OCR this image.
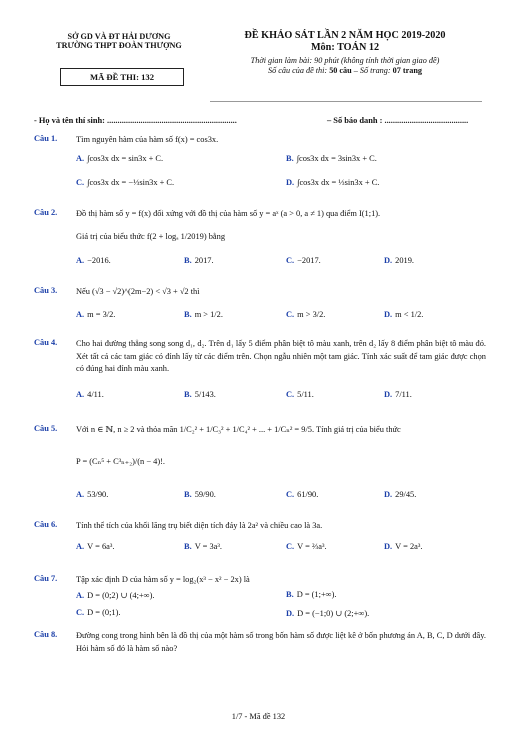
SỞ GD VÀ ĐT HẢI DƯƠNG
TRƯỜNG THPT ĐOÀN THƯỢNG
MÃ ĐỀ THI: 132
ĐỀ KHẢO SÁT LẦN 2 NĂM HỌC 2019-2020
Môn: TOÁN 12
Thời gian làm bài: 90 phút (không tính thời gian giao đề)
Số câu của đề thi: 50 câu – Số trang: 07 trang
- Họ và tên thí sinh: ..............................................................	– Số báo danh : ........................................
Câu 1. Tìm nguyên hàm của hàm số f(x) = cos3x.
A. ∫cos3x dx = sin3x + C.	B. ∫cos3x dx = 3sin3x + C.
C. ∫cos3x dx = −⅓sin3x + C.	D. ∫cos3x dx = ⅓sin3x + C.
Câu 2. Đồ thị hàm số y = f(x) đối xứng với đồ thị của hàm số y = aˣ (a > 0, a ≠ 1) qua điểm I(1;1).
Giá trị của biểu thức f(2 + logₐ 1/2019) bằng
A. −2016.	B. 2017.	C. −2017.	D. 2019.
Câu 3. Nếu (√3 − √2)^(2m−2) < √3 + √2 thì
A. m = 3/2.	B. m > 1/2.	C. m > 3/2.	D. m < 1/2.
Câu 4. Cho hai đường thẳng song song d₁, d₂. Trên d₁ lấy 5 điểm phân biệt tô màu xanh, trên d₂ lấy 8 điểm phân biệt tô màu đỏ. Xét tất cả các tam giác có đỉnh lấy từ các điểm trên. Chọn ngẫu nhiên một tam giác. Tính xác suất để tam giác được chọn có đúng hai đỉnh màu xanh.
A. 4/11.	B. 5/143.	C. 5/11.	D. 7/11.
Câu 5. Với n ∈ ℕ, n ≥ 2 và thỏa mãn 1/C₂² + 1/C₃² + 1/C₄² + ... + 1/Cₙ² = 9/5. Tính giá trị của biểu thức
P = (Cₙ⁵ + C³ₙ₊₂)/(n − 4)!.
A. 53/90.	B. 59/90.	C. 61/90.	D. 29/45.
Câu 6. Tính thể tích của khối lăng trụ biết diện tích đáy là 2a² và chiều cao là 3a.
A. V = 6a³.	B. V = 3a³.	C. V = ⅔a³.	D. V = 2a³.
Câu 7. Tập xác định D của hàm số y = log₂(x³ − x² − 2x) là
A. D = (0;2) ∪ (4;+∞).	B. D = (1;+∞).
C. D = (0;1).	D. D = (−1;0) ∪ (2;+∞).
Câu 8. Đường cong trong hình bên là đồ thị của một hàm số trong bốn hàm số được liệt kê ở bốn phương án A, B, C, D dưới đây. Hỏi hàm số đó là hàm số nào?
1/7 - Mã đề 132
